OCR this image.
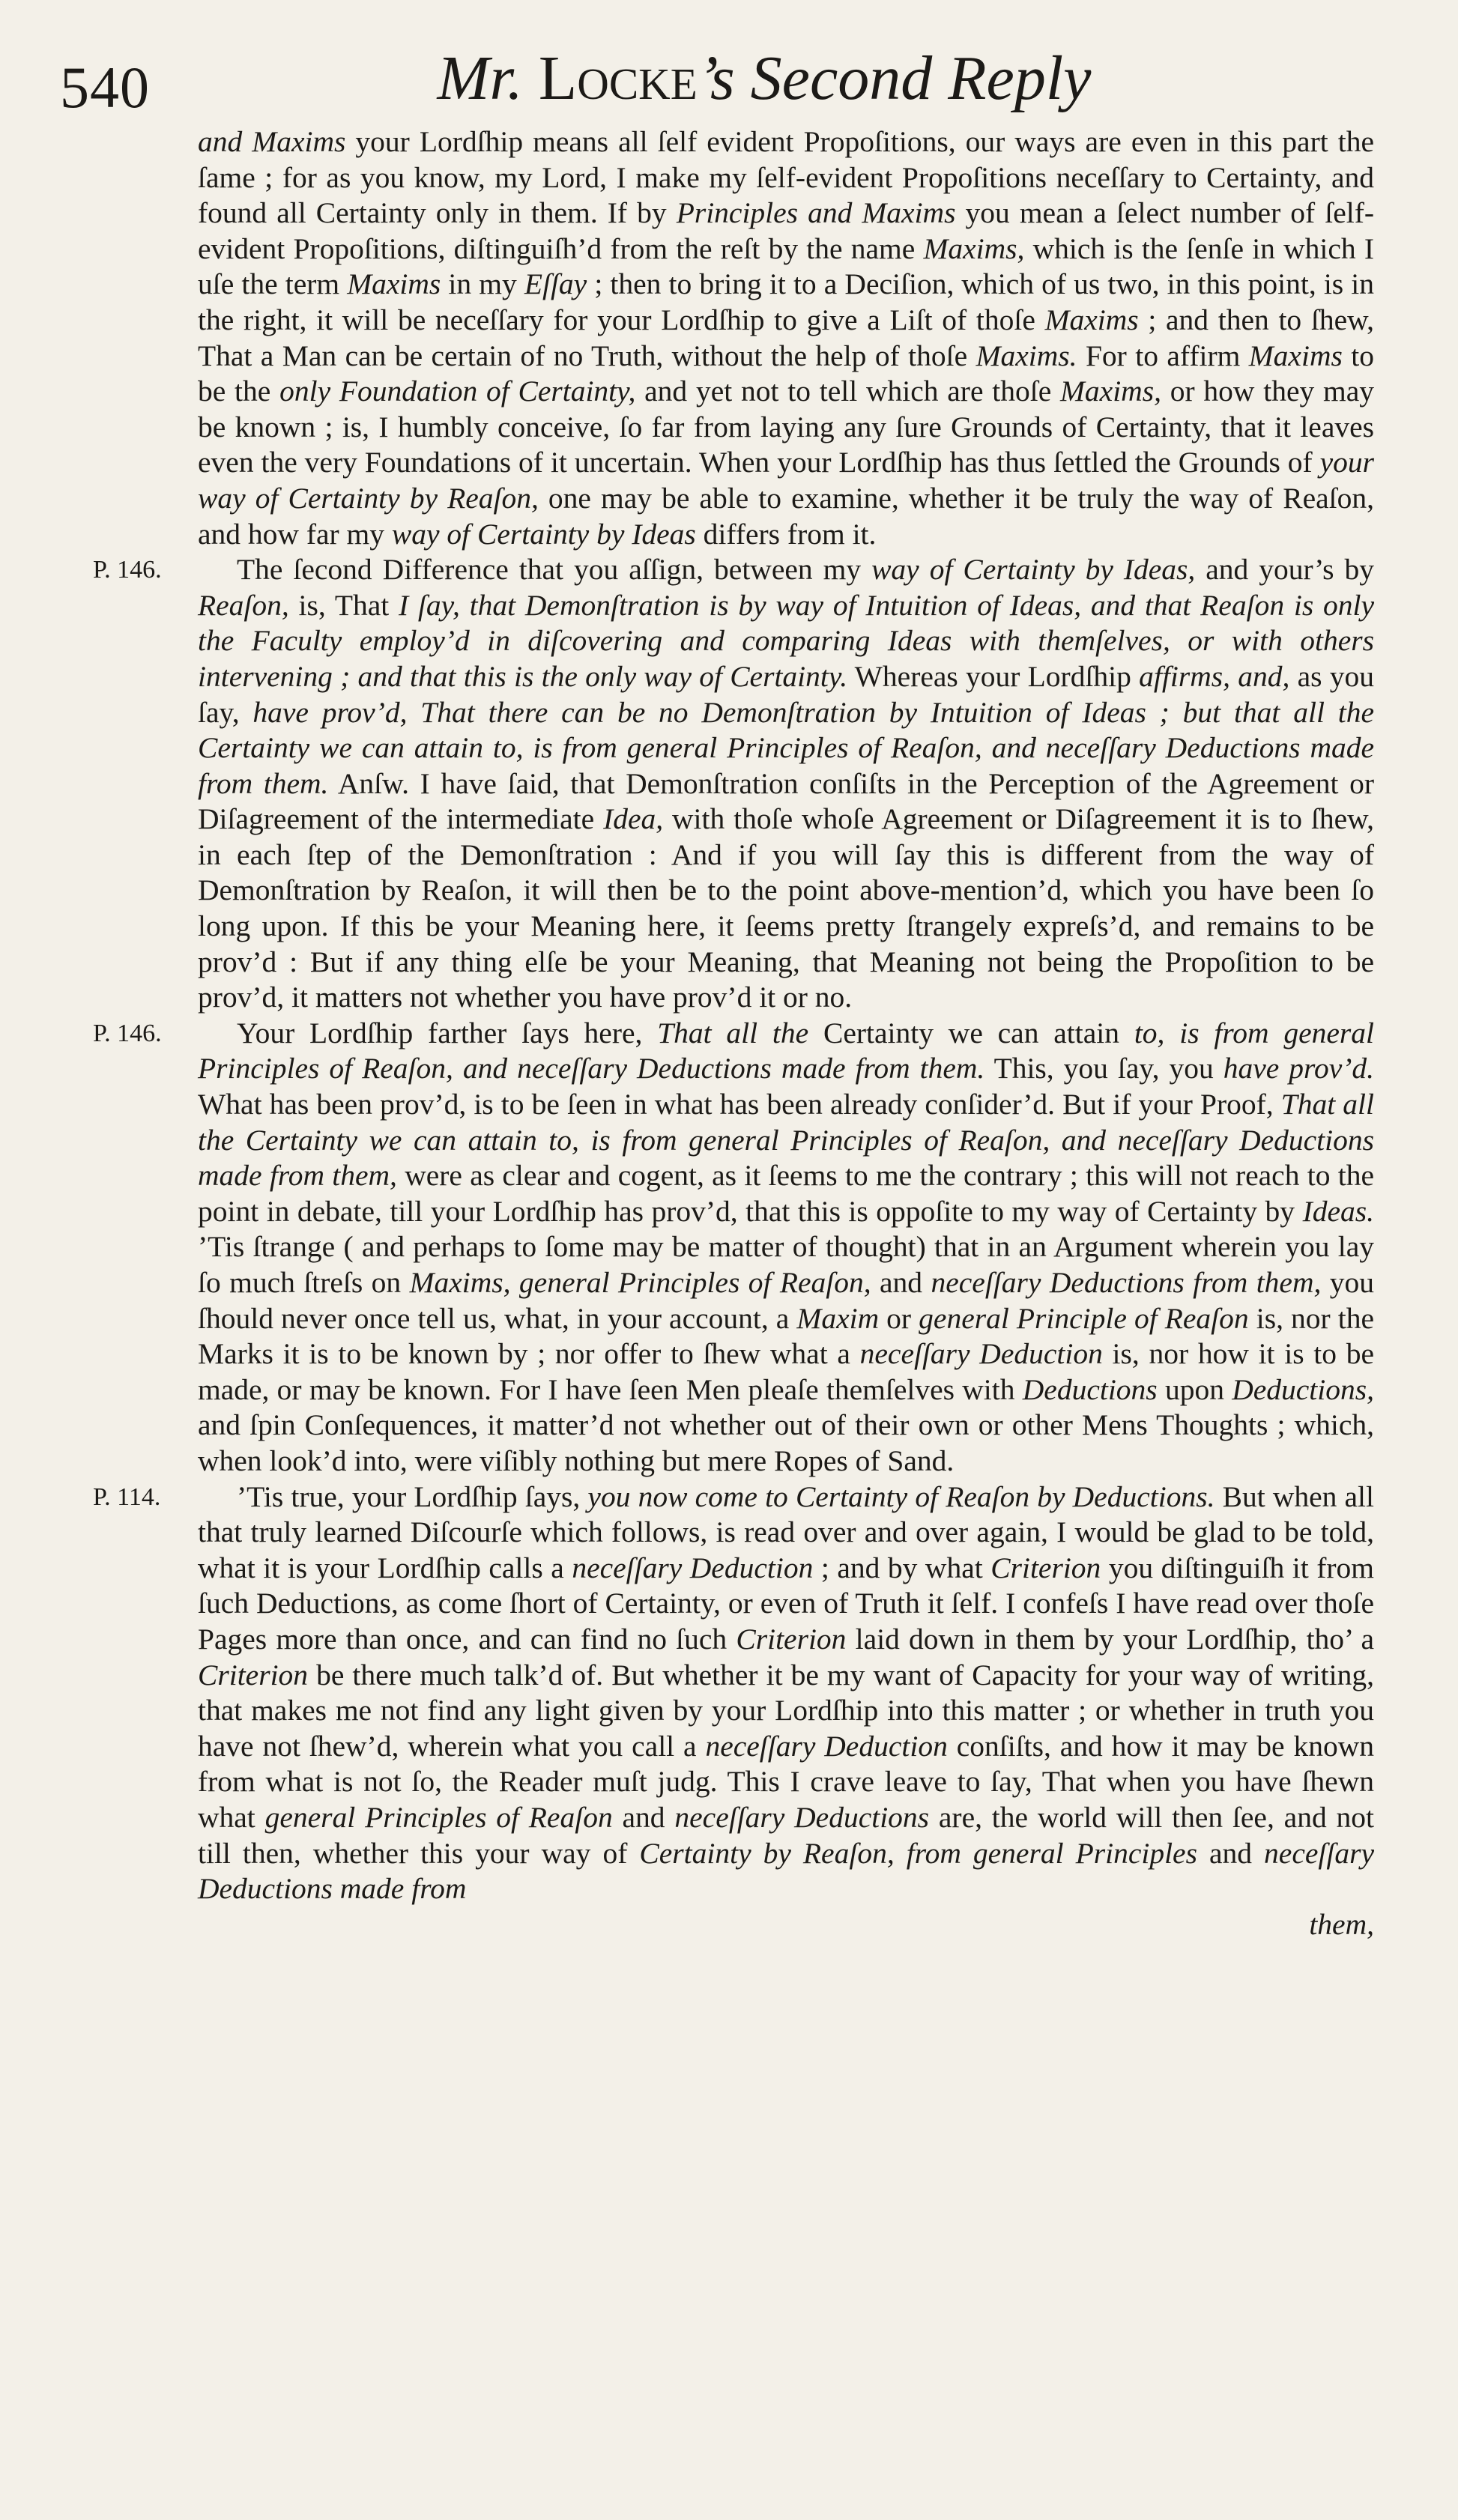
540	Mr. Locke’s Second Reply

and Maxims your Lordſhip means all ſelf evident Propoſitions, our ways are even in this part the ſame ; for as you know, my Lord, I make my ſelf-evident Propoſitions neceſſary to Certainty, and found all Certainty only in them. If by Principles and Maxims you mean a ſelect number of ſelf-evident Propoſitions, diſtinguiſh’d from the reſt by the name Maxims, which is the ſenſe in which I uſe the term Maxims in my Eſſay ; then to bring it to a Deciſion, which of us two, in this point, is in the right, it will be neceſſary for your Lordſhip to give a Liſt of thoſe Maxims ; and then to ſhew, That a Man can be certain of no Truth, without the help of thoſe Maxims. For to affirm Maxims to be the only Foundation of Certainty, and yet not to tell which are thoſe Maxims, or how they may be known ; is, I humbly conceive, ſo far from laying any ſure Grounds of Certainty, that it leaves even the very Foundations of it uncertain. When your Lordſhip has thus ſettled the Grounds of your way of Certainty by Reaſon, one may be able to examine, whether it be truly the way of Reaſon, and how far my way of Certainty by Ideas differs from it.

P. 146.	The ſecond Difference that you aſſign, between my way of Certainty by Ideas, and your’s by Reaſon, is, That I ſay, that Demonſtration is by way of Intuition of Ideas, and that Reaſon is only the Faculty employ’d in diſcovering and comparing Ideas with themſelves, or with others intervening ; and that this is the only way of Certainty. Whereas your Lordſhip affirms, and, as you ſay, have prov’d, That there can be no Demonſtration by Intuition of Ideas ; but that all the Certainty we can attain to, is from general Principles of Reaſon, and neceſſary Deductions made from them. Anſw. I have ſaid, that Demonſtration conſiſts in the Perception of the Agreement or Diſagreement of the intermediate Idea, with thoſe whoſe Agreement or Diſagreement it is to ſhew, in each ſtep of the Demonſtration : And if you will ſay this is different from the way of Demonſtration by Reaſon, it will then be to the point above-mention’d, which you have been ſo long upon. If this be your Meaning here, it ſeems pretty ſtrangely expreſs’d, and remains to be prov’d : But if any thing elſe be your Meaning, that Meaning not being the Propoſition to be prov’d, it matters not whether you have prov’d it or no.

P. 146.	Your Lordſhip farther ſays here, That all the Certainty we can attain to, is from general Principles of Reaſon, and neceſſary Deductions made from them. This, you ſay, you have prov’d. What has been prov’d, is to be ſeen in what has been already conſider’d. But if your Proof, That all the Certainty we can attain to, is from general Principles of Reaſon, and neceſſary Deductions made from them, were as clear and cogent, as it ſeems to me the contrary ; this will not reach to the point in debate, till your Lordſhip has prov’d, that this is oppoſite to my way of Certainty by Ideas. ’Tis ſtrange ( and perhaps to ſome may be matter of thought) that in an Argument wherein you lay ſo much ſtreſs on Maxims, general Principles of Reaſon, and neceſſary Deductions from them, you ſhould never once tell us, what, in your account, a Maxim or general Principle of Reaſon is, nor the Marks it is to be known by ; nor offer to ſhew what a neceſſary Deduction is, nor how it is to be made, or may be known. For I have ſeen Men pleaſe themſelves with Deductions upon Deductions, and ſpin Conſequences, it matter’d not whether out of their own or other Mens Thoughts ; which, when look’d into, were viſibly nothing but mere Ropes of Sand.

P. 114.	’Tis true, your Lordſhip ſays, you now come to Certainty of Reaſon by Deductions. But when all that truly learned Diſcourſe which follows, is read over and over again, I would be glad to be told, what it is your Lordſhip calls a neceſſary Deduction ; and by what Criterion you diſtinguiſh it from ſuch Deductions, as come ſhort of Certainty, or even of Truth it ſelf. I confeſs I have read over thoſe Pages more than once, and can find no ſuch Criterion laid down in them by your Lordſhip, tho’ a Criterion be there much talk’d of. But whether it be my want of Capacity for your way of writing, that makes me not find any light given by your Lordſhip into this matter ; or whether in truth you have not ſhew’d, wherein what you call a neceſſary Deduction conſiſts, and how it may be known from what is not ſo, the Reader muſt judg. This I crave leave to ſay, That when you have ſhewn what general Principles of Reaſon and neceſſary Deductions are, the world will then ſee, and not till then, whether this your way of Certainty by Reaſon, from general Principles and neceſſary Deductions made from

them,
